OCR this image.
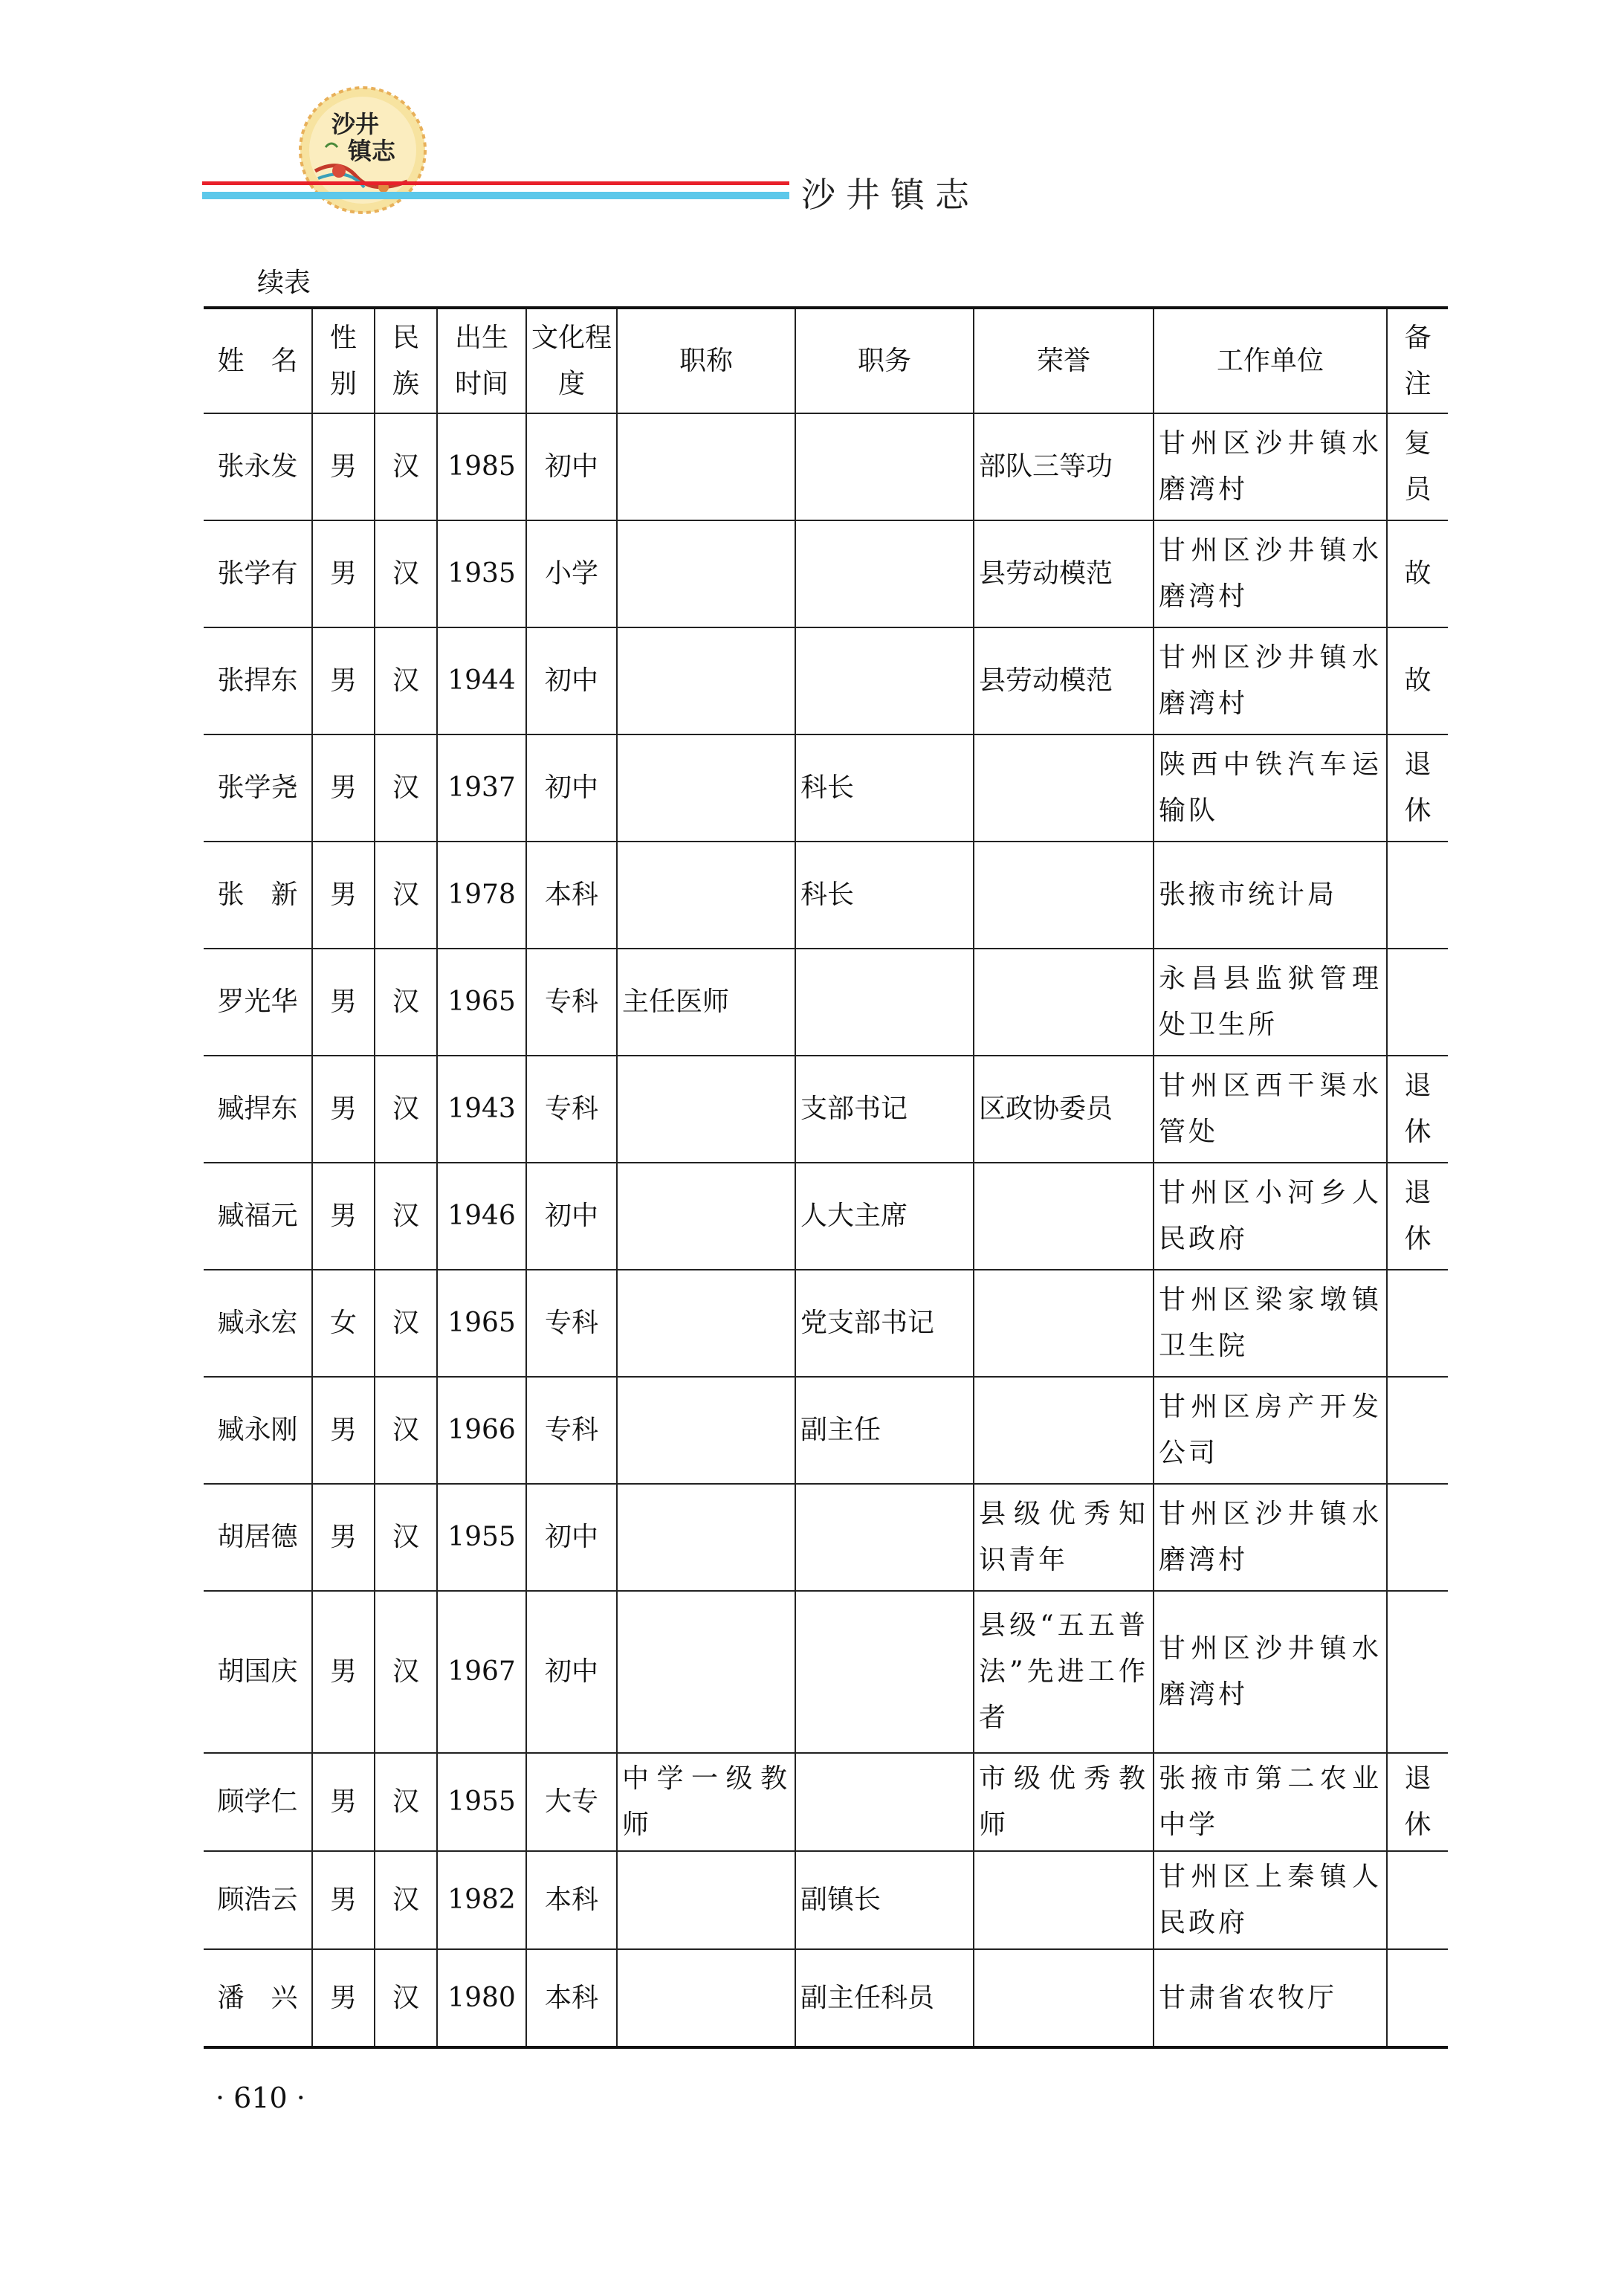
沙井
镇志
沙井镇志
续表
姓　名	性别	民族	出生时间	文化程度	职称	职务	荣誉	工作单位	备注
张永发	男	汉	1985	初中			部队三等功	甘州区沙井镇水磨湾村	复员
张学有	男	汉	1935	小学			县劳动模范	甘州区沙井镇水磨湾村	故
张捍东	男	汉	1944	初中			县劳动模范	甘州区沙井镇水磨湾村	故
张学尧	男	汉	1937	初中		科长		陕西中铁汽车运输队	退休
张　新	男	汉	1978	本科		科长		张掖市统计局	
罗光华	男	汉	1965	专科	主任医师			永昌县监狱管理处卫生所	
臧捍东	男	汉	1943	专科		支部书记	区政协委员	甘州区西干渠水管处	退休
臧福元	男	汉	1946	初中		人大主席		甘州区小河乡人民政府	退休
臧永宏	女	汉	1965	专科		党支部书记		甘州区梁家墩镇卫生院	
臧永刚	男	汉	1966	专科		副主任		甘州区房产开发公司	
胡居德	男	汉	1955	初中			县级优秀知识青年	甘州区沙井镇水磨湾村	
胡国庆	男	汉	1967	初中			县级“五五普法”先进工作者	甘州区沙井镇水磨湾村	
顾学仁	男	汉	1955	大专	中学一级教师		市级优秀教师	张掖市第二农业中学	退休
顾浩云	男	汉	1982	本科		副镇长		甘州区上秦镇人民政府	
潘　兴	男	汉	1980	本科		副主任科员		甘肃省农牧厅	
· 610 ·
